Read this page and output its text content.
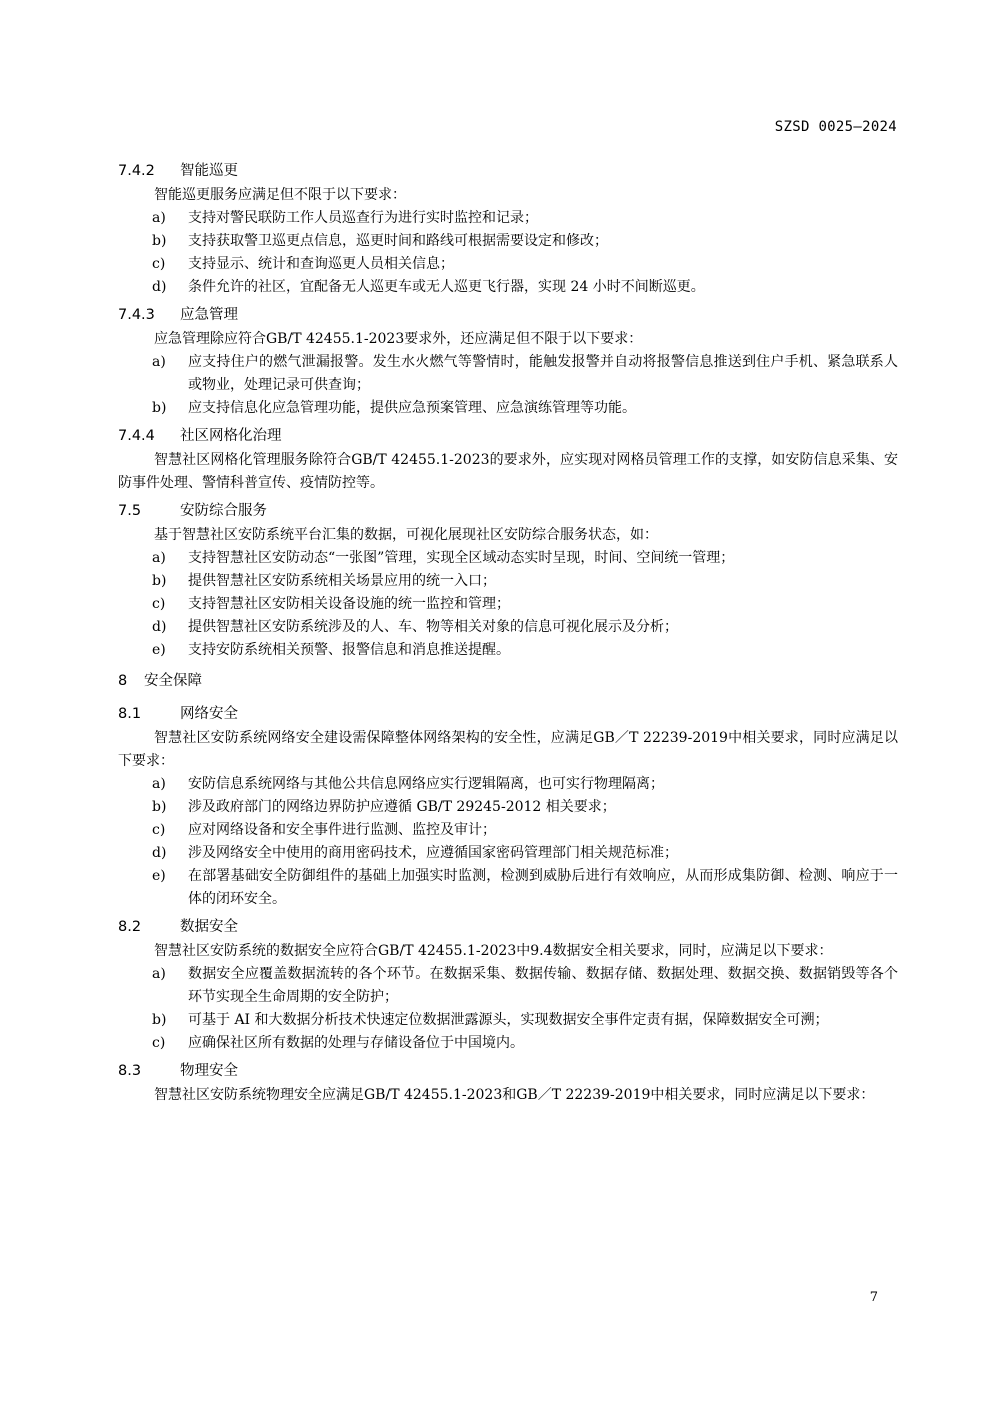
SZSD 0025—2024
7.4.2 智能巡更

智能巡更服务应满足但不限于以下要求：

a) 支持对警民联防工作人员巡查行为进行实时监控和记录；
b) 支持获取警卫巡更点信息，巡更时间和路线可根据需要设定和修改；
c) 支持显示、统计和查询巡更人员相关信息；
d) 条件允许的社区，宜配备无人巡更车或无人巡更飞行器，实现 24 小时不间断巡更。
7.4.3 应急管理

应急管理除应符合GB/T 42455.1-2023要求外，还应满足但不限于以下要求：

a) 应支持住户的燃气泄漏报警。发生水火燃气等警情时，能触发报警并自动将报警信息推送到住户手机、紧急联系人或物业，处理记录可供查询；
b) 应支持信息化应急管理功能，提供应急预案管理、应急演练管理等功能。
7.4.4 社区网格化治理

智慧社区网格化管理服务除符合GB/T 42455.1-2023的要求外，应实现对网格员管理工作的支撑，如安防信息采集、安防事件处理、警情科普宣传、疫情防控等。

7.5	安防综合服务

基于智慧社区安防系统平台汇集的数据，可视化展现社区安防综合服务状态，如：

a) 支持智慧社区安防动态“一张图”管理，实现全区域动态实时呈现，时间、空间统一管理；
b) 提供智慧社区安防系统相关场景应用的统一入口；
c) 支持智慧社区安防相关设备设施的统一监控和管理；
d) 提供智慧社区安防系统涉及的人、车、物等相关对象的信息可视化展示及分析；
e) 支持安防系统相关预警、报警信息和消息推送提醒。
8 安全保障
8.1	网络安全

智慧社区安防系统网络安全建设需保障整体网络架构的安全性，应满足GB／T 22239-2019中相关要求，同时应满足以下要求：

a) 安防信息系统网络与其他公共信息网络应实行逻辑隔离，也可实行物理隔离；
b) 涉及政府部门的网络边界防护应遵循 GB/T 29245-2012 相关要求；
c) 应对网络设备和安全事件进行监测、监控及审计；
d) 涉及网络安全中使用的商用密码技术，应遵循国家密码管理部门相关规范标准；
e) 在部署基础安全防御组件的基础上加强实时监测，检测到威胁后进行有效响应，从而形成集防御、检测、响应于一体的闭环安全。
8.2	数据安全

智慧社区安防系统的数据安全应符合GB/T 42455.1-2023中9.4数据安全相关要求，同时，应满足以下要求：

a) 数据安全应覆盖数据流转的各个环节。在数据采集、数据传输、数据存储、数据处理、数据交换、数据销毁等各个环节实现全生命周期的安全防护；
b) 可基于 AI 和大数据分析技术快速定位数据泄露源头，实现数据安全事件定责有据，保障数据安全可溯；
c) 应确保社区所有数据的处理与存储设备位于中国境内。
8.3	物理安全

智慧社区安防系统物理安全应满足GB/T 42455.1-2023和GB／T 22239-2019中相关要求，同时应满足以下要求：

7
